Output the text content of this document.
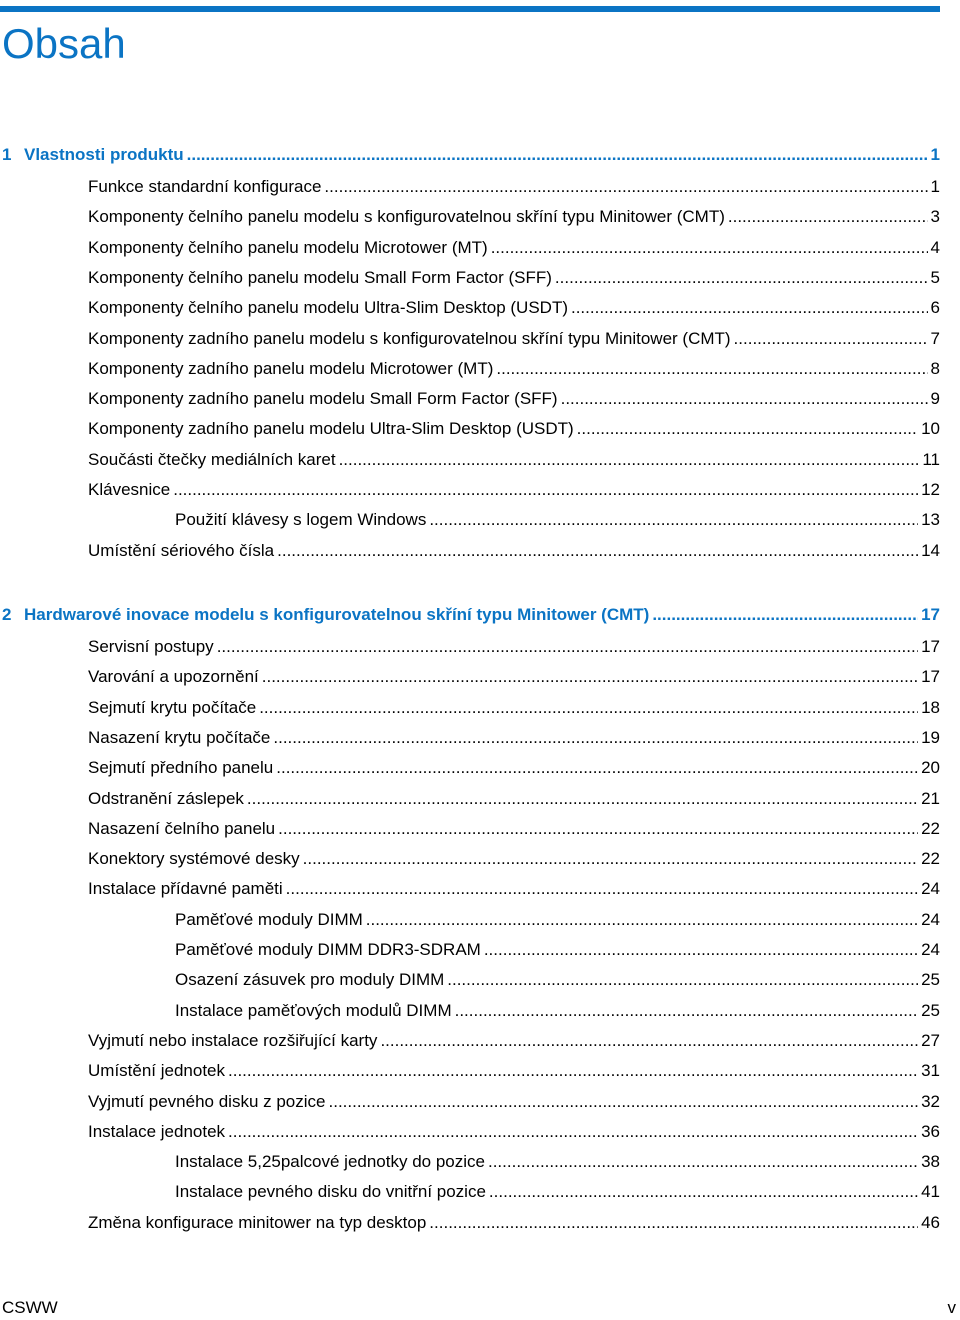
Obsah
1 Vlastnosti produktu .....	1
Funkce standardní konfigurace .....	1
Komponenty čelního panelu modelu s konfigurovatelnou skříní typu Minitower (CMT) .....	3
Komponenty čelního panelu modelu Microtower (MT) .....	4
Komponenty čelního panelu modelu Small Form Factor (SFF) .....	5
Komponenty čelního panelu modelu Ultra-Slim Desktop (USDT) .....	6
Komponenty zadního panelu modelu s konfigurovatelnou skříní typu Minitower (CMT) .....	7
Komponenty zadního panelu modelu Microtower (MT) .....	8
Komponenty zadního panelu modelu Small Form Factor (SFF) .....	9
Komponenty zadního panelu modelu Ultra-Slim Desktop (USDT) .....	10
Součásti čtečky mediálních karet .....	11
Klávesnice .....	12
Použití klávesy s logem Windows .....	13
Umístění sériového čísla .....	14
2 Hardwarové inovace modelu s konfigurovatelnou skříní typu Minitower (CMT) .....	17
Servisní postupy .....	17
Varování a upozornění .....	17
Sejmutí krytu počítače .....	18
Nasazení krytu počítače .....	19
Sejmutí předního panelu .....	20
Odstranění záslepek .....	21
Nasazení čelního panelu .....	22
Konektory systémové desky .....	22
Instalace přídavné paměti .....	24
Paměťové moduly DIMM .....	24
Paměťové moduly DIMM DDR3-SDRAM .....	24
Osazení zásuvek pro moduly DIMM .....	25
Instalace paměťových modulů DIMM .....	25
Vyjmutí nebo instalace rozšiřující karty .....	27
Umístění jednotek .....	31
Vyjmutí pevného disku z pozice .....	32
Instalace jednotek .....	36
Instalace 5,25palcové jednotky do pozice .....	38
Instalace pevného disku do vnitřní pozice .....	41
Změna konfigurace minitower na typ desktop .....	46
CSWW	v
